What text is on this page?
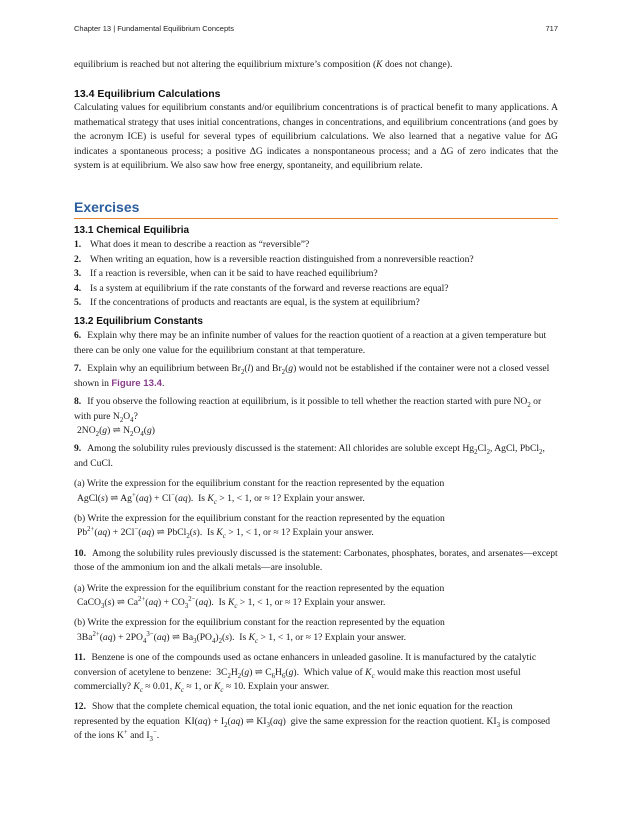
Chapter 13 | Fundamental Equilibrium Concepts	717

equilibrium is reached but not altering the equilibrium mixture’s composition (K does not change).

13.4 Equilibrium Calculations

Calculating values for equilibrium constants and/or equilibrium concentrations is of practical benefit to many applications. A mathematical strategy that uses initial concentrations, changes in concentrations, and equilibrium concentrations (and goes by the acronym ICE) is useful for several types of equilibrium calculations. We also learned that a negative value for ΔG indicates a spontaneous process; a positive ΔG indicates a nonspontaneous process; and a ΔG of zero indicates that the system is at equilibrium. We also saw how free energy, spontaneity, and equilibrium relate.

Exercises
13.1 Chemical Equilibria

1. What does it mean to describe a reaction as “reversible”?

2. When writing an equation, how is a reversible reaction distinguished from a nonreversible reaction?

3. If a reaction is reversible, when can it be said to have reached equilibrium?

4. Is a system at equilibrium if the rate constants of the forward and reverse reactions are equal?

5. If the concentrations of products and reactants are equal, is the system at equilibrium?

13.2 Equilibrium Constants

6. Explain why there may be an infinite number of values for the reaction quotient of a reaction at a given temperature but there can be only one value for the equilibrium constant at that temperature.

7. Explain why an equilibrium between $Br_2(l)$ and $Br_2(g)$ would not be established if the container were not a closed vessel shown in Figure 13.4.

8. If you observe the following reaction at equilibrium, is it possible to tell whether the reaction started with pure $NO_2$ or with pure $N_2O_4$?

$2NO_2(g)$ ⇌ $N_2O_4(g)$

9. Among the solubility rules previously discussed is the statement: All chlorides are soluble except $Hg_2Cl_2$, AgCl, PbCl$_2$, and CuCl.

(a) Write the expression for the equilibrium constant for the reaction represented by the equation

AgCl(s) ⇌ Ag+(aq) + Cl−(aq).  Is $K_c > 1$, < 1, or ≈ 1? Explain your answer.

(b) Write the expression for the equilibrium constant for the reaction represented by the equation

$Pb^{2+}(aq) + 2Cl^-(aq)$ ⇌ PbCl$_2$(s).  Is $K_c > 1$, < 1, or ≈ 1? Explain your answer.

10. Among the solubility rules previously discussed is the statement: Carbonates, phosphates, borates, and arsenates—except those of the ammonium ion and the alkali metals—are insoluble.

(a) Write the expression for the equilibrium constant for the reaction represented by the equation

CaCO$_3$(s) ⇌ $Ca^{2+}(aq) + CO_3^{2-}(aq)$.  Is $K_c > 1$, < 1, or ≈ 1? Explain your answer.

(b) Write the expression for the equilibrium constant for the reaction represented by the equation

$3Ba^{2+}(aq) + 2PO_4^{3-}(aq)$ ⇌ $Ba_3(PO_4)_2(s)$.  Is $K_c > 1$, < 1, or ≈ 1? Explain your answer.

11. Benzene is one of the compounds used as octane enhancers in unleaded gasoline. It is manufactured by the catalytic conversion of acetylene to benzene:  $3C_2H_2(g)$ ⇌ $C_6H_6(g)$.  Which value of $K_c$ would make this reaction most useful commercially? $K_c \approx 0.01$, $K_c \approx 1$, or $K_c \approx 10$. Explain your answer.

12. Show that the complete chemical equation, the total ionic equation, and the net ionic equation for the reaction represented by the equation  $KI(aq) + I_2(aq)$ ⇌ $KI_3(aq)$  give the same expression for the reaction quotient. $KI_3$ is composed of the ions K+ and $I_3^-$.
